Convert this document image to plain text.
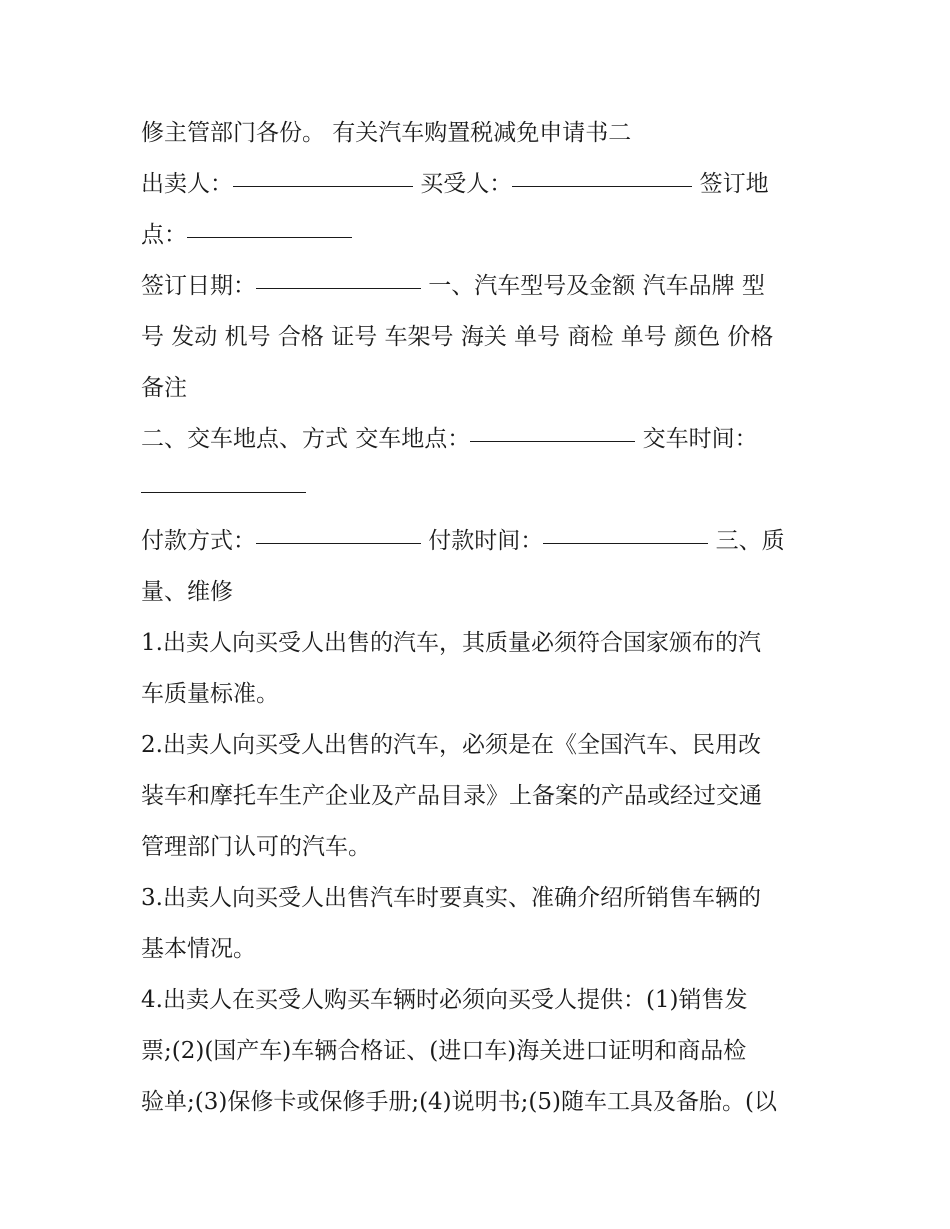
修主管部门各份。 有关汽车购置税减免申请书二
出卖人：	买受人：	签订地
点：
签订日期：	一、汽车型号及金额 汽车品牌 型
号 发动 机号 合格 证号 车架号 海关 单号 商检 单号 颜色 价格
备注
二、交车地点、方式 交车地点：	交车时间：
付款方式：	付款时间：	三、质
量、维修
1.出卖人向买受人出售的汽车，其质量必须符合国家颁布的汽
车质量标准。
2.出卖人向买受人出售的汽车，必须是在《全国汽车、民用改
装车和摩托车生产企业及产品目录》上备案的产品或经过交通
管理部门认可的汽车。
3.出卖人向买受人出售汽车时要真实、准确介绍所销售车辆的
基本情况。
4.出卖人在买受人购买车辆时必须向买受人提供：(1)销售发
票;(2)(国产车)车辆合格证、(进口车)海关进口证明和商品检
验单;(3)保修卡或保修手册;(4)说明书;(5)随车工具及备胎。(以
